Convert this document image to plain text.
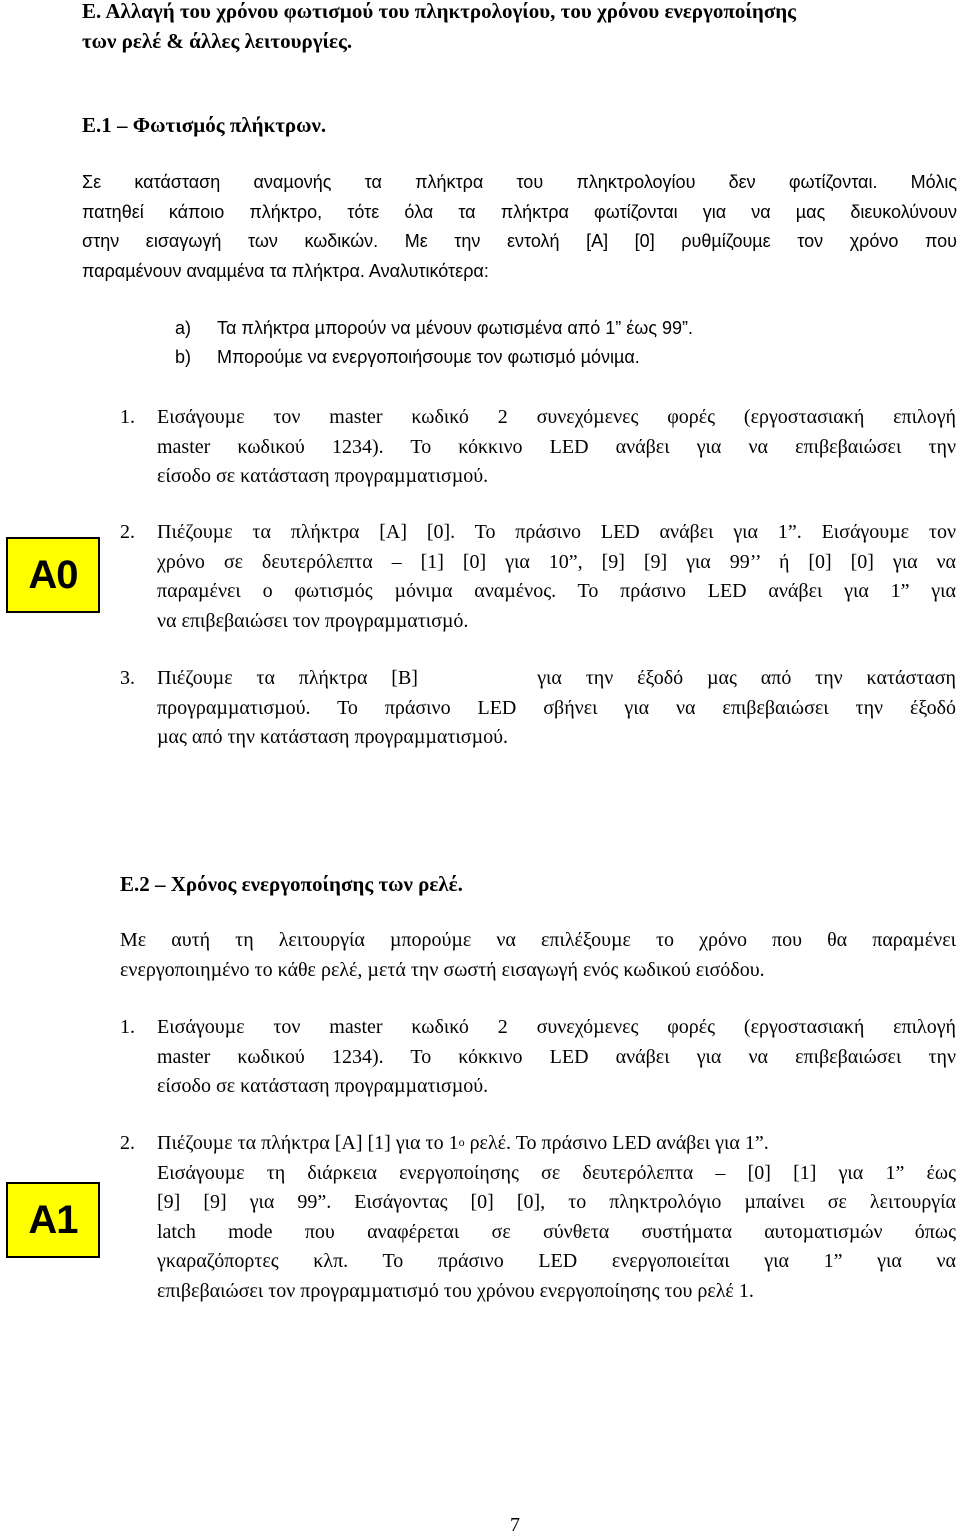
Ε. Αλλαγή του χρόνου φωτισµού του πληκτρολογίου, του χρόνου ενεργοποίησης
των ρελέ & άλλες λειτουργίες.
Ε.1 – Φωτισµός πλήκτρων.
Σε κατάσταση αναµονής τα πλήκτρα του πληκτρολογίου δεν φωτίζονται. Μόλις
πατηθεί κάποιο πλήκτρο, τότε όλα τα πλήκτρα φωτίζονται για να µας διευκολύνουν
στην εισαγωγή των κωδικών. Με την εντολή [Α] [0] ρυθµίζουµε τον χρόνο που
παραµένουν αναµµένα τα πλήκτρα. Αναλυτικότερα:
a) Τα πλήκτρα µπορούν να µένουν φωτισµένα από 1” έως 99”.
b) Μπορούµε να ενεργοποιήσουµε τον φωτισµό µόνιµα.
1. Εισάγουµε τον master κωδικό 2 συνεχόµενες φορές (εργοστασιακή επιλογή
master κωδικού 1234). Το κόκκινο LED ανάβει για να επιβεβαιώσει την
είσοδο σε κατάσταση προγραµµατισµού.
A0
2. Πιέζουµε τα πλήκτρα [Α] [0]. Το πράσινο LED ανάβει για 1”. Εισάγουµε τον
χρόνο σε δευτερόλεπτα – [1] [0] για 10”, [9] [9] για 99’’ ή [0] [0] για να
παραµένει ο φωτισµός µόνιµα αναµένος. Το πράσινο LED ανάβει για 1” για
να επιβεβαιώσει τον προγραµµατισµό.
3. Πιέζουµε τα πλήκτρα [Β]     για την έξοδό µας από την κατάσταση
προγραµµατισµού. Το πράσινο LED σβήνει για να επιβεβαιώσει την έξοδό
µας από την κατάσταση προγραµµατισµού.
Ε.2 – Χρόνος ενεργοποίησης των ρελέ.
Με αυτή τη λειτουργία µπορούµε να επιλέξουµε το χρόνο που θα παραµένει
ενεργοποιηµένο το κάθε ρελέ, µετά την σωστή εισαγωγή ενός κωδικού εισόδου.
1. Εισάγουµε τον master κωδικό 2 συνεχόµενες φορές (εργοστασιακή επιλογή
master κωδικού 1234). Το κόκκινο LED ανάβει για να επιβεβαιώσει την
είσοδο σε κατάσταση προγραµµατισµού.
2. Πιέζουµε τα πλήκτρα [Α] [1] για το $1^o$ ρελέ. Το πράσινο LED ανάβει για 1”.
Εισάγουµε τη διάρκεια ενεργοποίησης σε δευτερόλεπτα – [0] [1] για 1” έως
[9] [9] για 99”. Εισάγοντας [0] [0], το πληκτρολόγιο µπαίνει σε λειτουργία
latch mode που αναφέρεται σε σύνθετα συστήµατα αυτοµατισµών όπως
γκαραζόπορτες κλπ. Το πράσινο LED ενεργοποιείται για 1” για να
επιβεβαιώσει τον προγραµµατισµό του χρόνου ενεργοποίησης του ρελέ 1.
A1
7
